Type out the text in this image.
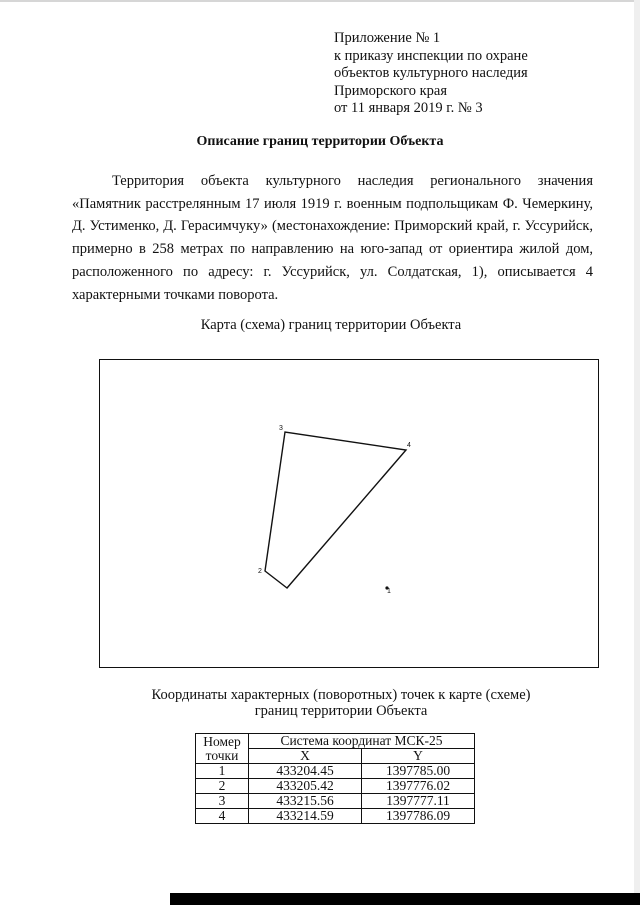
Приложение № 1
к приказу инспекции по охране
объектов культурного наследия
Приморского края
от 11 января 2019 г. № 3
Описание границ территории Объекта
Территория объекта культурного наследия регионального значения «Памятник расстрелянным 17 июля 1919 г. военным подпольщикам Ф. Чемеркину, Д. Устименко, Д. Герасимчуку» (местонахождение: Приморский край, г. Уссурийск, примерно в 258 метрах по направлению на юго-запад от ориентира жилой дом, расположенного по адресу: г. Уссурийск, ул. Солдатская, 1), описывается 4 характерными точками поворота.
Карта (схема) границ территории Объекта
1
2
3
4
Координаты характерных (поворотных) точек к карте (схеме)
границ территории Объекта
Номер
точки	Система координат МСК-25	
	X	Y
1	433204.45	1397785.00
2	433205.42	1397776.02
3	433215.56	1397777.11
4	433214.59	1397786.09
